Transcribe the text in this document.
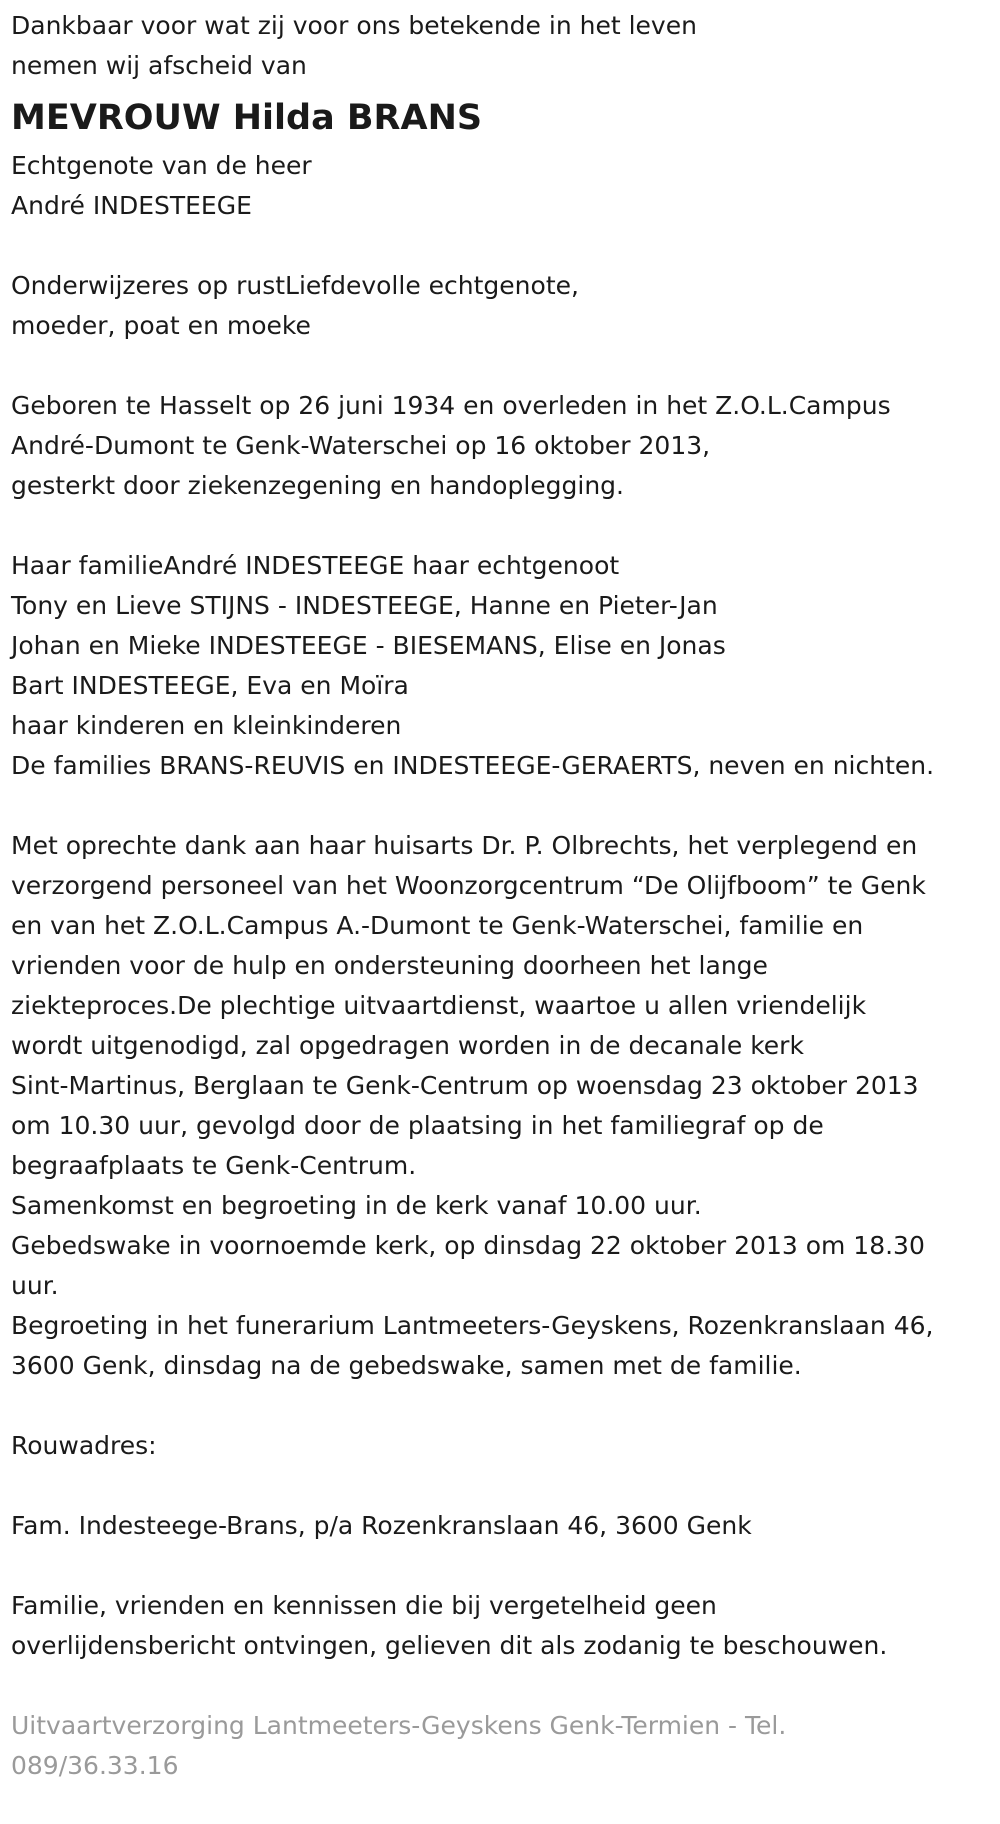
Dankbaar voor wat zij voor ons betekende in het leven

nemen wij afscheid van

MEVROUW Hilda BRANS

Echtgenote van de heer

André INDESTEEGE

Onderwijzeres op rustLiefdevolle echtgenote,

moeder, poat en moeke

Geboren te Hasselt op 26 juni 1934 en overleden in het Z.O.L.Campus

André-Dumont te Genk-Waterschei op 16 oktober 2013,

gesterkt door ziekenzegening en handoplegging.

Haar familieAndré INDESTEEGE haar echtgenoot

Tony en Lieve STIJNS - INDESTEEGE, Hanne en Pieter-Jan

Johan en Mieke INDESTEEGE - BIESEMANS, Elise en Jonas

Bart INDESTEEGE, Eva en Moïra

haar kinderen en kleinkinderen

De families BRANS-REUVIS en INDESTEEGE-GERAERTS, neven en nichten.

Met oprechte dank aan haar huisarts Dr. P. Olbrechts, het verplegend en

verzorgend personeel van het Woonzorgcentrum “De Olijfboom” te Genk

en van het Z.O.L.Campus A.-Dumont te Genk-Waterschei, familie en

vrienden voor de hulp en ondersteuning doorheen het lange

ziekteproces.De plechtige uitvaartdienst, waartoe u allen vriendelijk

wordt uitgenodigd, zal opgedragen worden in de decanale kerk

Sint-Martinus, Berglaan te Genk-Centrum op woensdag 23 oktober 2013

om 10.30 uur, gevolgd door de plaatsing in het familiegraf op de

begraafplaats te Genk-Centrum.

Samenkomst en begroeting in de kerk vanaf 10.00 uur.

Gebedswake in voornoemde kerk, op dinsdag 22 oktober 2013 om 18.30

uur.

Begroeting in het funerarium Lantmeeters-Geyskens, Rozenkranslaan 46,

3600 Genk, dinsdag na de gebedswake, samen met de familie.

Rouwadres:

Fam. Indesteege-Brans, p/a Rozenkranslaan 46, 3600 Genk

Familie, vrienden en kennissen die bij vergetelheid geen

overlijdensbericht ontvingen, gelieven dit als zodanig te beschouwen.

Uitvaartverzorging Lantmeeters-Geyskens Genk-Termien - Tel.

089/36.33.16
